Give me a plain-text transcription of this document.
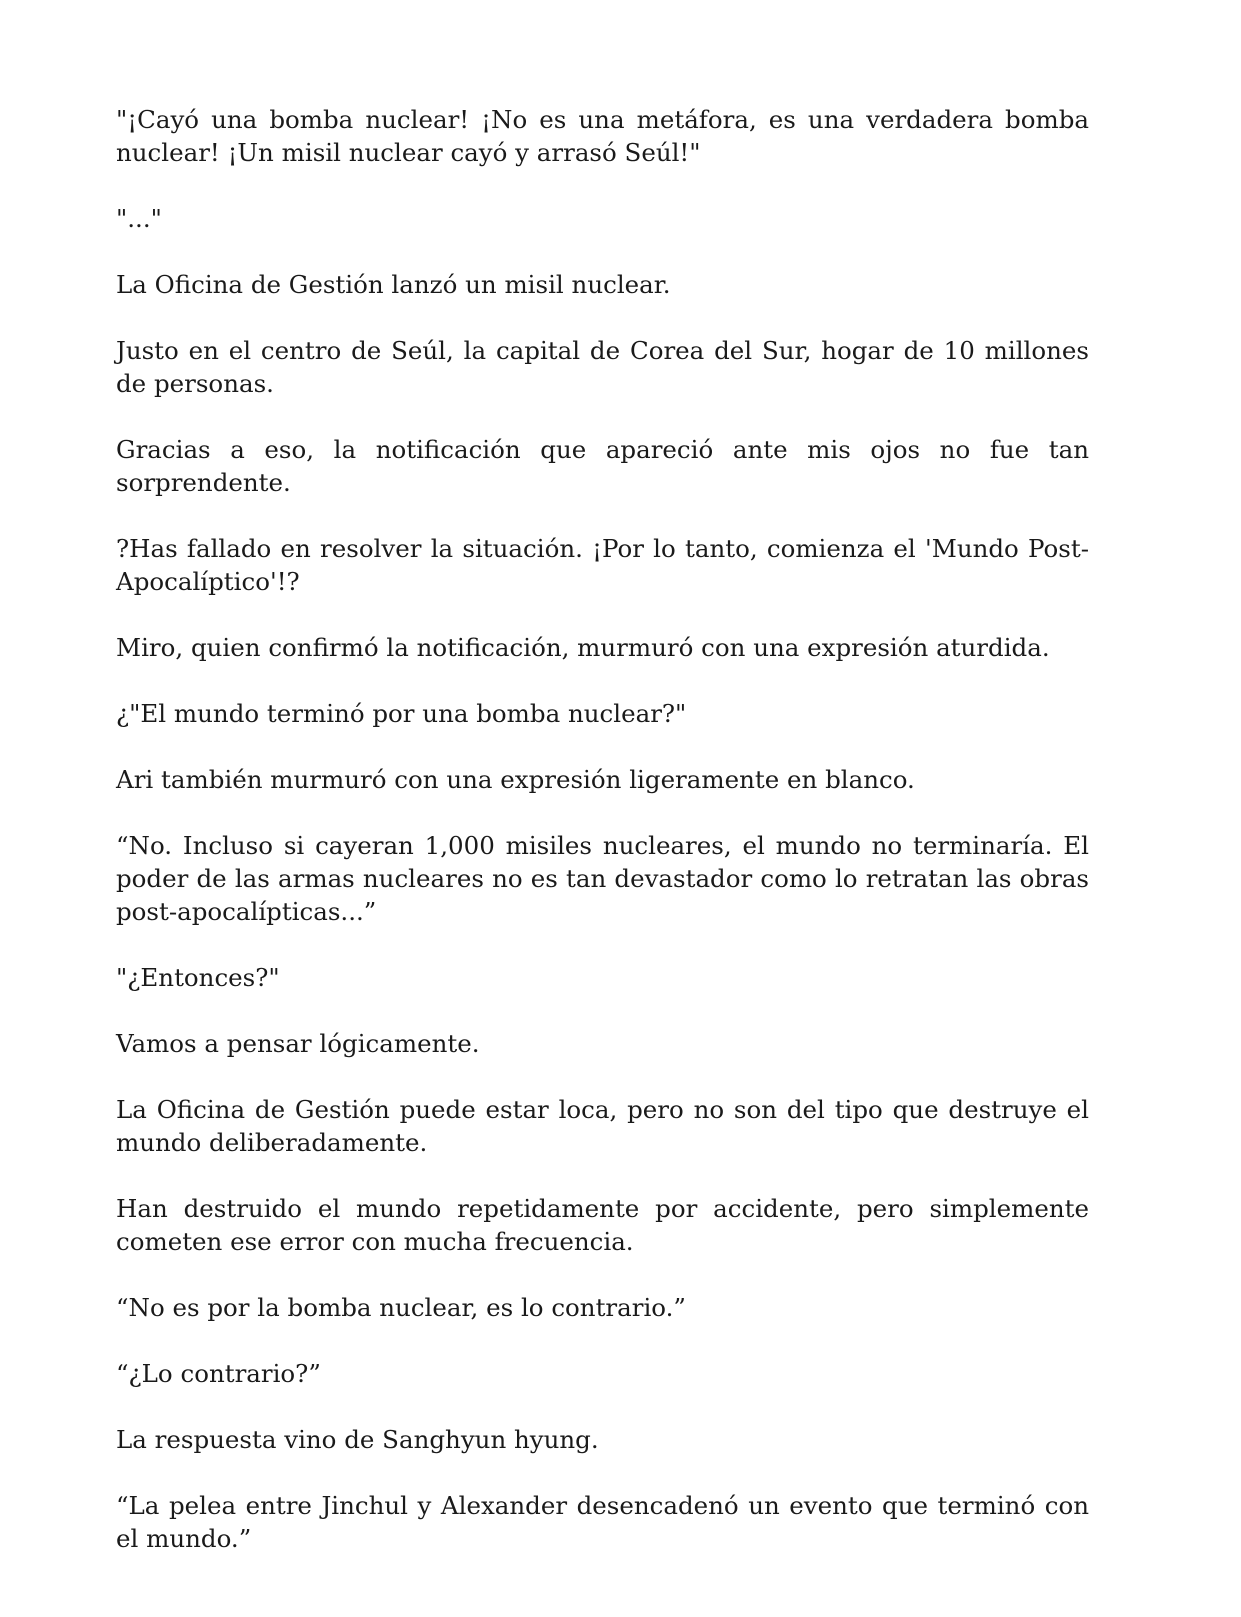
"¡Cayó una bomba nuclear! ¡No es una metáfora, es una verdadera bomba nuclear! ¡Un misil nuclear cayó y arrasó Seúl!"

"..."

La Oficina de Gestión lanzó un misil nuclear.

Justo en el centro de Seúl, la capital de Corea del Sur, hogar de 10 millones de personas.

Gracias a eso, la notificación que apareció ante mis ojos no fue tan sorprendente.

?Has fallado en resolver la situación. ¡Por lo tanto, comienza el 'Mundo Post-Apocalíptico'!?

Miro, quien confirmó la notificación, murmuró con una expresión aturdida.

¿"El mundo terminó por una bomba nuclear?"

Ari también murmuró con una expresión ligeramente en blanco.

“No. Incluso si cayeran 1,000 misiles nucleares, el mundo no terminaría. El poder de las armas nucleares no es tan devastador como lo retratan las obras post-apocalípticas...”

"¿Entonces?"

Vamos a pensar lógicamente.

La Oficina de Gestión puede estar loca, pero no son del tipo que destruye el mundo deliberadamente.

Han destruido el mundo repetidamente por accidente, pero simplemente cometen ese error con mucha frecuencia.

“No es por la bomba nuclear, es lo contrario.”

“¿Lo contrario?”

La respuesta vino de Sanghyun hyung.

“La pelea entre Jinchul y Alexander desencadenó un evento que terminó con el mundo.”
